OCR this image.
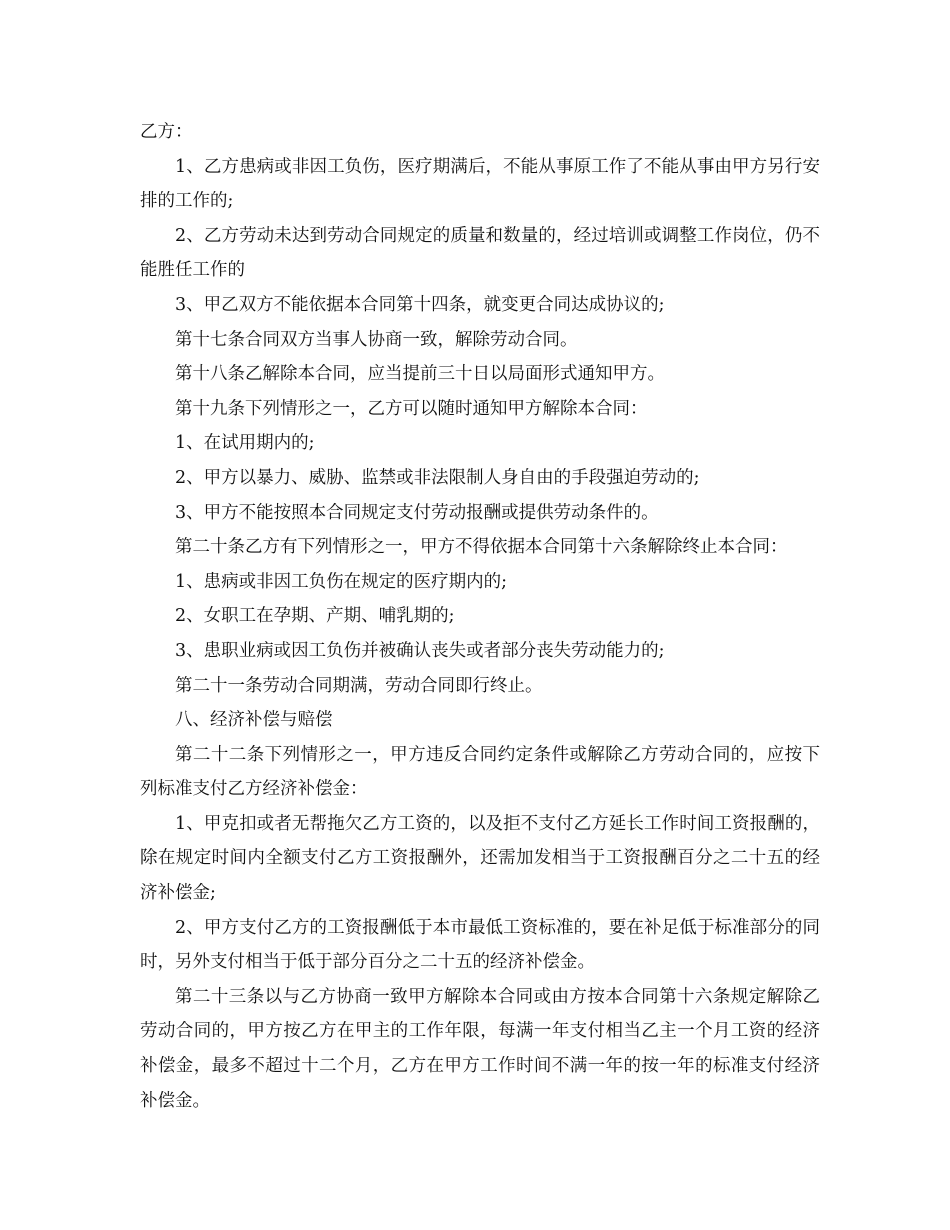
乙方：

1、乙方患病或非因工负伤，医疗期满后，不能从事原工作了不能从事由甲方另行安排的工作的;

2、乙方劳动未达到劳动合同规定的质量和数量的，经过培训或调整工作岗位，仍不能胜任工作的

3、甲乙双方不能依据本合同第十四条，就变更合同达成协议的;

第十七条合同双方当事人协商一致，解除劳动合同。

第十八条乙解除本合同，应当提前三十日以局面形式通知甲方。

第十九条下列情形之一，乙方可以随时通知甲方解除本合同：

1、在试用期内的;

2、甲方以暴力、威胁、监禁或非法限制人身自由的手段强迫劳动的;

3、甲方不能按照本合同规定支付劳动报酬或提供劳动条件的。

第二十条乙方有下列情形之一，甲方不得依据本合同第十六条解除终止本合同：

1、患病或非因工负伤在规定的医疗期内的;

2、女职工在孕期、产期、哺乳期的;

3、患职业病或因工负伤并被确认丧失或者部分丧失劳动能力的;

第二十一条劳动合同期满，劳动合同即行终止。

八、经济补偿与赔偿

第二十二条下列情形之一，甲方违反合同约定条件或解除乙方劳动合同的，应按下列标准支付乙方经济补偿金：

1、甲克扣或者无帮拖欠乙方工资的，以及拒不支付乙方延长工作时间工资报酬的，除在规定时间内全额支付乙方工资报酬外，还需加发相当于工资报酬百分之二十五的经济补偿金;

2、甲方支付乙方的工资报酬低于本市最低工资标准的，要在补足低于标准部分的同时，另外支付相当于低于部分百分之二十五的经济补偿金。

第二十三条以与乙方协商一致甲方解除本合同或由方按本合同第十六条规定解除乙劳动合同的，甲方按乙方在甲主的工作年限，每满一年支付相当乙主一个月工资的经济补偿金，最多不超过十二个月，乙方在甲方工作时间不满一年的按一年的标准支付经济补偿金。
